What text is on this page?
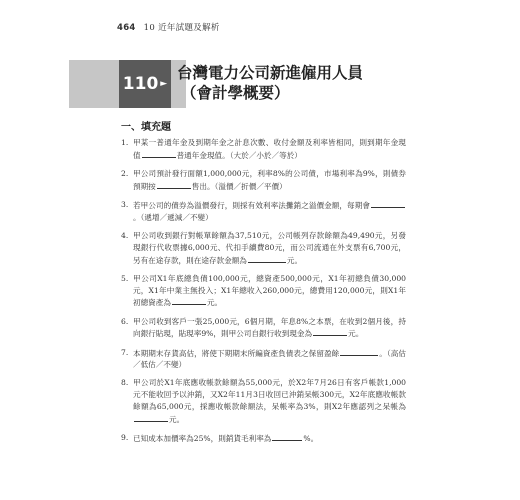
464 10 近年試題及解析
110 ►
台灣電力公司新進僱用人員
（會計學概要）
一、填充題
1. 甲某一普通年金及到期年金之計息次數、收付金額及利率皆相同，則到期年金現值	普通年金現值。（大於／小於／等於）
2. 甲公司預計發行面額1,000,000元，利率8%的公司債，市場利率為9%，則債券預期按	售出。（溢價／折價／平價）
3. 若甲公司的債券為溢價發行，則採有效利率法攤銷之溢價金額，每期會。（遞增／遞減／不變）
4. 甲公司收到銀行對帳單餘額為37,510元，公司帳列存款餘額為49,490元，另發現銀行代收票據6,000元、代扣手續費80元，而公司流通在外支票有6,700元，另有在途存款，則在途存款金額為	元。
5. 甲公司X1年底總負債100,000元，總資產500,000元，X1年初總負債30,000元，X1年中業主無投入；X1年總收入260,000元，總費用120,000元，則X1年初總資產為	元。
6. 甲公司收到客戶一張25,000元，6個月期，年息8%之本票，在收到2個月後，持向銀行貼現，貼現率9%，則甲公司自銀行收到現金為	元。
7. 本期期末存貨高估，將使下期期末所編資產負債表之保留盈餘	。（高估／低估／不變）
8. 甲公司於X1年底應收帳款餘額為55,000元，於X2年7月26日有客戶帳款1,000元不能收回予以沖銷，又X2年11月3日收回已沖銷呆帳300元，X2年底應收帳款餘額為65,000元，採應收帳款餘額法，呆帳率為3%，則X2年應認列之呆帳為元。
9. 已知成本加價率為25%，則銷貨毛利率為	%。
